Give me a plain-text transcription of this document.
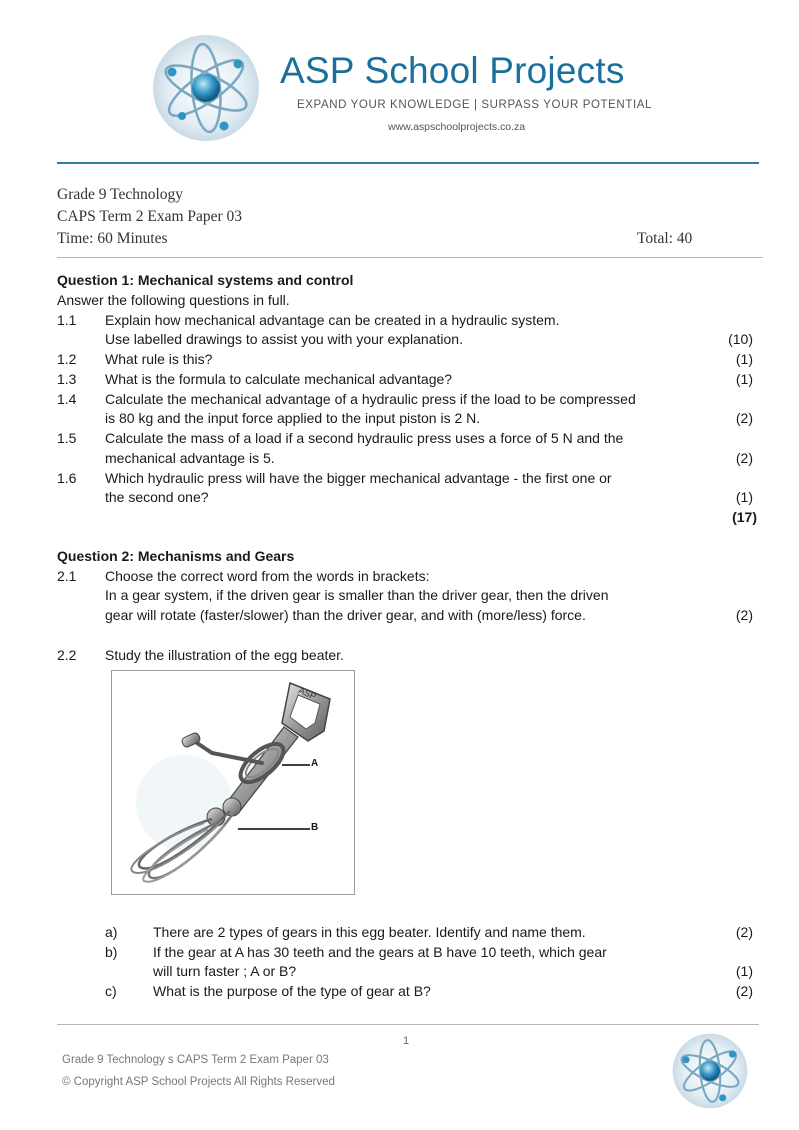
ASP School Projects
EXPAND YOUR KNOWLEDGE | SURPASS YOUR POTENTIAL
www.aspschoolprojects.co.za
Grade 9 Technology
CAPS Term 2 Exam Paper 03
Time: 60 Minutes	Total: 40
Question 1: Mechanical systems and control
Answer the following questions in full.
1.1 Explain how mechanical advantage can be created in a hydraulic system.
Use labelled drawings to assist you with your explanation.	(10)
1.2 What rule is this?	(1)
1.3 What is the formula to calculate mechanical advantage?	(1)
1.4 Calculate the mechanical advantage of a hydraulic press if the load to be compressed
is 80 kg and the input force applied to the input piston is 2 N.	(2)
1.5 Calculate the mass of a load if a second hydraulic press uses a force of 5 N and the
mechanical advantage is 5.	(2)
1.6 Which hydraulic press will have the bigger mechanical advantage - the first one or
the second one?	(1)
(17)
Question 2: Mechanisms and Gears
2.1 Choose the correct word from the words in brackets:
In a gear system, if the driven gear is smaller than the driver gear, then the driven
gear will rotate (faster/slower) than the driver gear, and with (more/less) force.	(2)
2.2 Study the illustration of the egg beater.
ASP
A
B
a)	There are 2 types of gears in this egg beater. Identify and name them.	(2)
b)	If the gear at A has 30 teeth and the gears at B have 10 teeth, which gear
will turn faster ; A or B?	(1)
c)	What is the purpose of the type of gear at B?	(2)
1
Grade 9 Technology s CAPS Term 2 Exam Paper 03
© Copyright ASP School Projects All Rights Reserved
